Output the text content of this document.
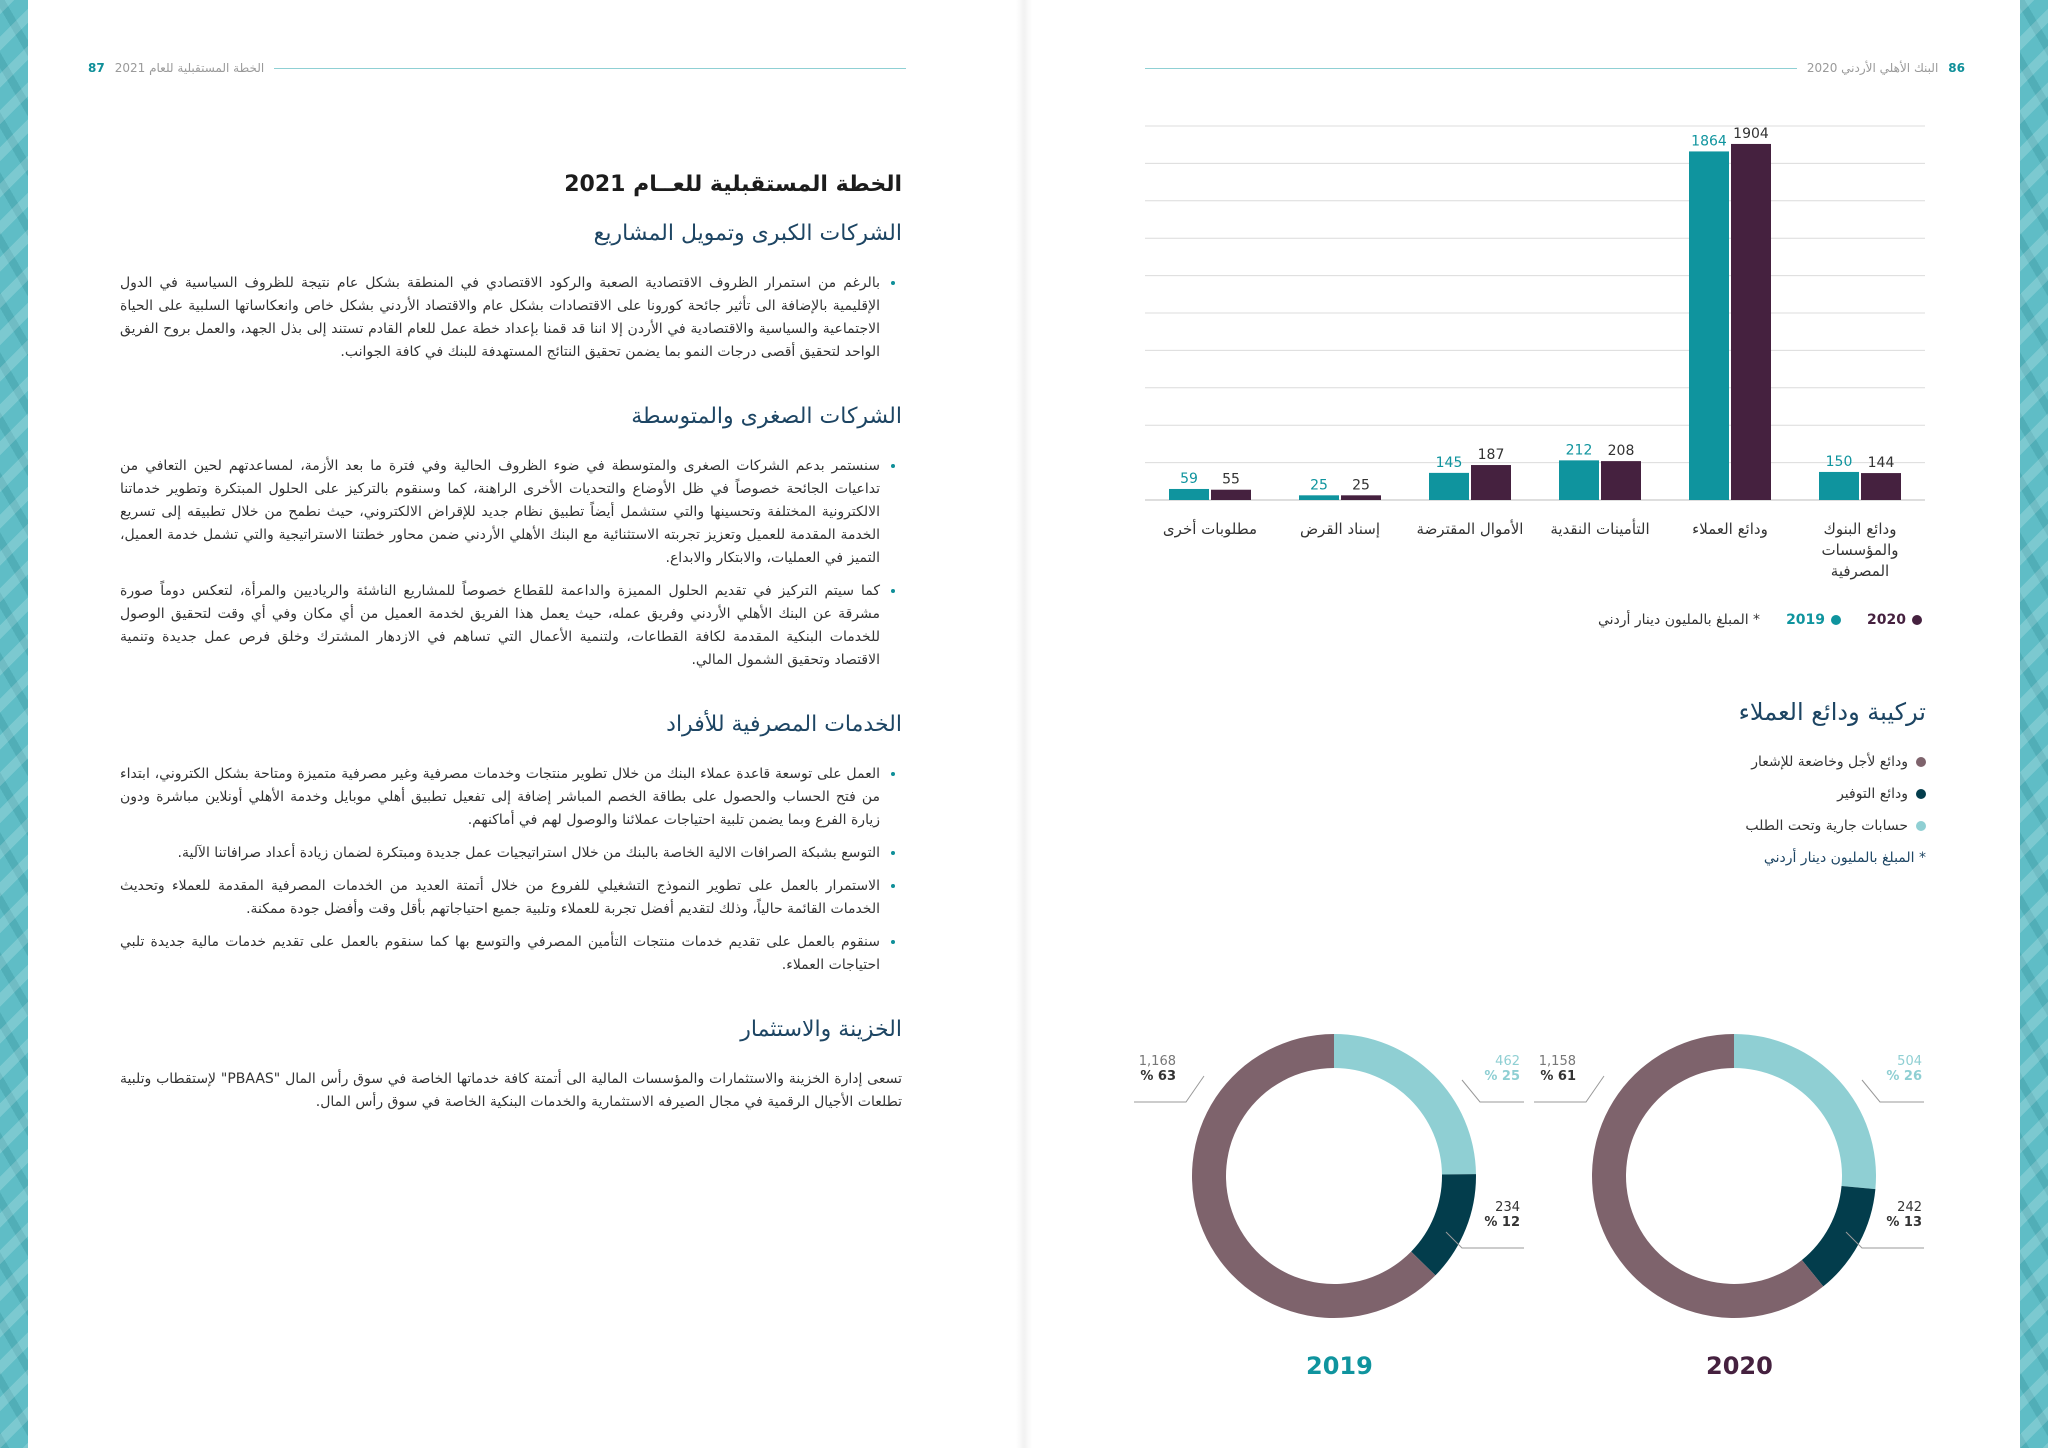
87 الخطة المستقبلية للعام 2021	86
البنك الأهلي الأردني 2020
الخطة المستقبلية للعــام 2021
الشركات الكبرى وتمويل المشاريع
• بالرغم من استمرار الظروف الاقتصادية الصعبة والركود الاقتصادي في المنطقة بشكل عام نتيجة للظروف السياسية في الدول الإقليمية بالإضافة الى تأثير جائحة كورونا على الاقتصادات بشكل عام والاقتصاد الأردني بشكل خاص وانعكاساتها السلبية على الحياة الاجتماعية والسياسية والاقتصادية في الأردن إلا اننا قد قمنا بإعداد خطة عمل للعام القادم تستند إلى بذل الجهد، والعمل بروح الفريق الواحد لتحقيق أقصى درجات النمو بما يضمن تحقيق النتائج المستهدفة للبنك في كافة الجوانب.
الشركات الصغرى والمتوسطة
• سنستمر بدعم الشركات الصغرى والمتوسطة في ضوء الظروف الحالية وفي فترة ما بعد الأزمة، لمساعدتهم لحين التعافي من تداعيات الجائحة خصوصاً في ظل الأوضاع والتحديات الأخرى الراهنة، كما وسنقوم بالتركيز على الحلول المبتكرة وتطوير خدماتنا الالكترونية المختلفة وتحسينها والتي ستشمل أيضاً تطبيق نظام جديد للإقراض الالكتروني، حيث نطمح من خلال تطبيقه إلى تسريع الخدمة المقدمة للعميل وتعزيز تجربته الاستثنائية مع البنك الأهلي الأردني ضمن محاور خطتنا الاستراتيجية والتي تشمل خدمة العميل، التميز في العمليات، والابتكار والابداع.
• كما سيتم التركيز في تقديم الحلول المميزة والداعمة للقطاع خصوصاً للمشاريع الناشئة والرياديين والمرأة، لتعكس دوماً صورة مشرقة عن البنك الأهلي الأردني وفريق عمله، حيث يعمل هذا الفريق لخدمة العميل من أي مكان وفي أي وقت لتحقيق الوصول للخدمات البنكية المقدمة لكافة القطاعات، ولتنمية الأعمال التي تساهم في الازدهار المشترك وخلق فرص عمل جديدة وتنمية الاقتصاد وتحقيق الشمول المالي.
الخدمات المصرفية للأفراد
• العمل على توسعة قاعدة عملاء البنك من خلال تطوير منتجات وخدمات مصرفية وغير مصرفية متميزة ومتاحة بشكل الكتروني، ابتداء من فتح الحساب والحصول على بطاقة الخصم المباشر إضافة إلى تفعيل تطبيق أهلي موبايل وخدمة الأهلي أونلاين مباشرة ودون زيارة الفرع وبما يضمن تلبية احتياجات عملائنا والوصول لهم في أماكنهم.
• التوسع بشبكة الصرافات الالية الخاصة بالبنك من خلال استراتيجيات عمل جديدة ومبتكرة لضمان زيادة أعداد صرافاتنا الآلية.
• الاستمرار بالعمل على تطوير النموذج التشغيلي للفروع من خلال أتمتة العديد من الخدمات المصرفية المقدمة للعملاء وتحديث الخدمات القائمة حالياً، وذلك لتقديم أفضل تجربة للعملاء وتلبية جميع احتياجاتهم بأقل وقت وأفضل جودة ممكنة.
• سنقوم بالعمل على تقديم خدمات منتجات التأمين المصرفي والتوسع بها كما سنقوم بالعمل على تقديم خدمات مالية جديدة تلبي احتياجات العملاء.
الخزينة والاستثمار

تسعى إدارة الخزينة والاستثمارات والمؤسسات المالية الى أتمتة كافة خدماتها الخاصة في سوق رأس المال "PBAAS" لإستقطاب وتلبية تطلعات الأجيال الرقمية في مجال الصيرفه الاستثمارية والخدمات البنكية الخاصة في سوق رأس المال.

150 144
ودائع البنوك
والمؤسسات
المصرفية
1864 1904
ودائع العملاء
212 208
التأمينات النقدية
145 187
الأموال المقترضة
25 25
إسناد القرض
59 55
مطلوبات أخرى
2020
2019
* المبلغ بالمليون دينار أردني
تركيبة ودائع العملاء
ودائع لأجل وخاضعة للإشعار
ودائع التوفير
حسابات جارية وتحت الطلب
* المبلغ بالمليون دينار أردني
1,168
% 63
462
% 25
234
% 12
1,158
% 61
504
% 26
242
% 13
2019	2020
